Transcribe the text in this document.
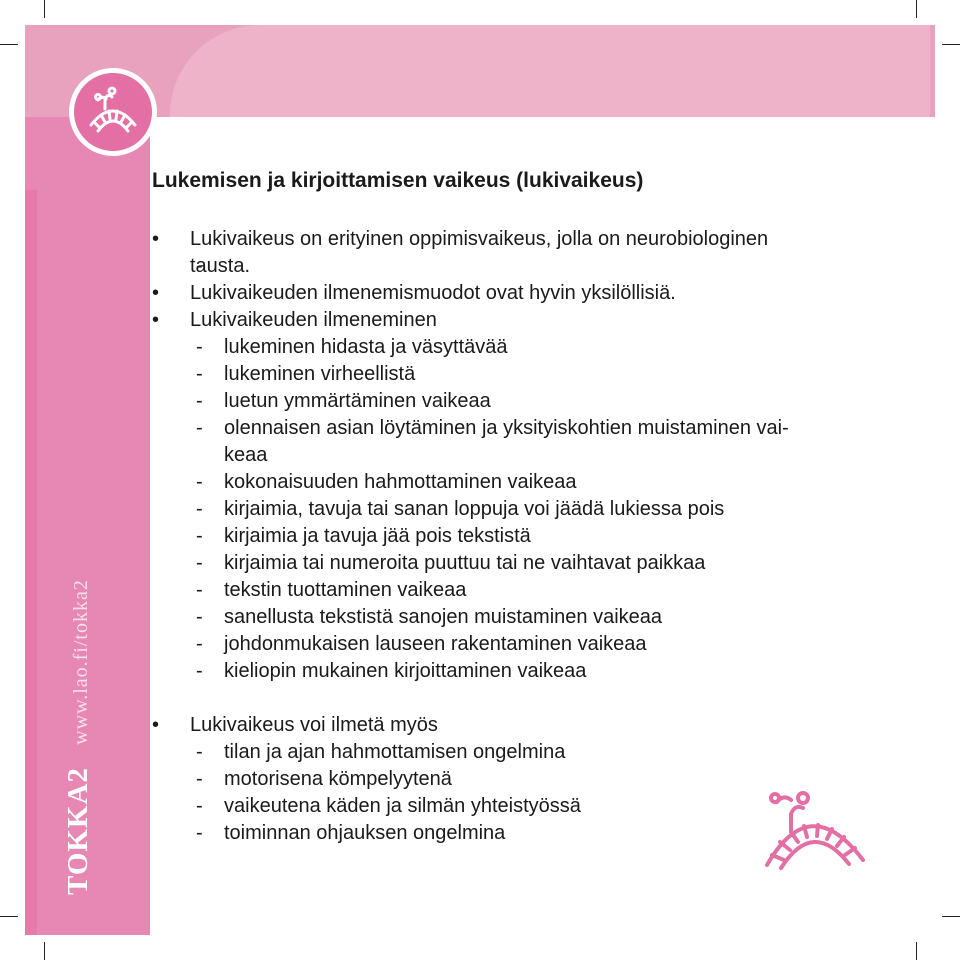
TOKKA2 www.lao.fi/tokka2
Lukemisen ja kirjoittamisen vaikeus (lukivaikeus)
• Lukivaikeus on erityinen oppimisvaikeus, jolla on neurobiologinen
- tausta.
• Lukivaikeuden ilmenemismuodot ovat hyvin yksilöllisiä.
• Lukivaikeuden ilmeneminen
- lukeminen hidasta ja väsyttävää
- lukeminen virheellistä
- luetun ymmärtäminen vaikeaa
- olennaisen asian löytäminen ja yksityiskohtien muistaminen vai-
keaa
- kokonaisuuden hahmottaminen vaikeaa
- kirjaimia, tavuja tai sanan loppuja voi jäädä lukiessa pois
- kirjaimia ja tavuja jää pois tekstistä
- kirjaimia tai numeroita puuttuu tai ne vaihtavat paikkaa
- tekstin tuottaminen vaikeaa
- sanellusta tekstistä sanojen muistaminen vaikeaa
- johdonmukaisen lauseen rakentaminen vaikeaa
- kieliopin mukainen kirjoittaminen vaikeaa
• Lukivaikeus voi ilmetä myös
- tilan ja ajan hahmottamisen ongelmina
- motorisena kömpelyytenä
- vaikeutena käden ja silmän yhteistyössä
- toiminnan ohjauksen ongelmina
